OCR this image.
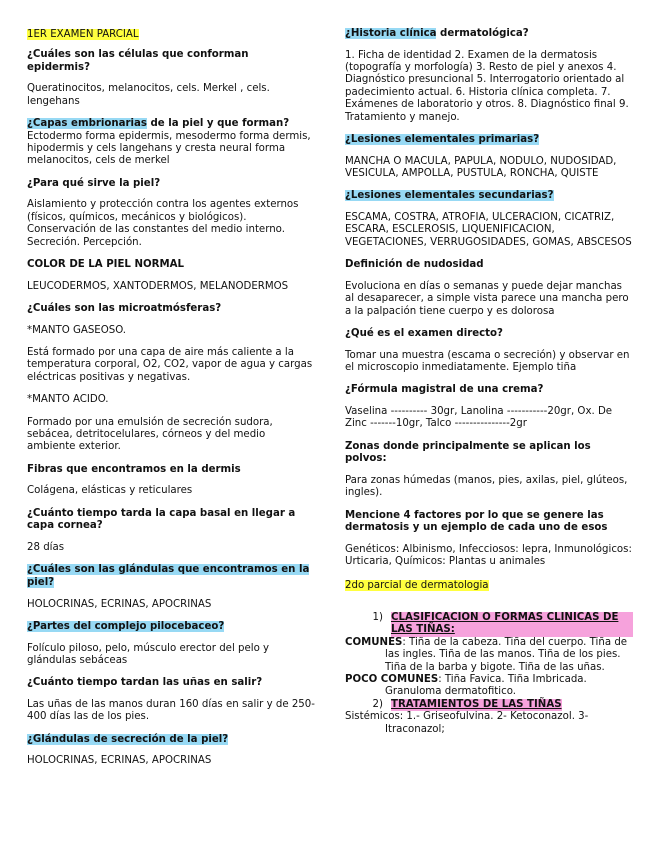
1ER EXAMEN PARCIAL

¿Cuáles son las células que conforman epidermis?

Queratinocitos, melanocitos, cels. Merkel , cels. lengehans

¿Capas embrionarias de la piel y que forman?

Ectodermo forma epidermis, mesodermo forma dermis, hipodermis y cels langehans y cresta neural forma melanocitos, cels de merkel

¿Para qué sirve la piel?

Aislamiento y protección contra los agentes externos (físicos, químicos, mecánicos y biológicos). Conservación de las constantes del medio interno. Secreción. Percepción.

COLOR DE LA PIEL NORMAL

LEUCODERMOS, XANTODERMOS, MELANODERMOS

¿Cuáles son las microatmósferas?

*MANTO GASEOSO.

Está formado por una capa de aire más caliente a la temperatura corporal, O2, CO2, vapor de agua y cargas eléctricas positivas y negativas.

*MANTO ACIDO.

Formado por una emulsión de secreción sudora, sebácea, detritocelulares, córneos y del medio ambiente exterior.

Fibras que encontramos en la dermis

Colágena, elásticas y reticulares

¿Cuánto tiempo tarda la capa basal en llegar a capa cornea?

28 días

¿Cuáles son las glándulas que encontramos en la piel?

HOLOCRINAS, ECRINAS, APOCRINAS

¿Partes del complejo pilocebaceo?

Folículo piloso, pelo, músculo erector del pelo y glándulas sebáceas

¿Cuánto tiempo tardan las uñas en salir?

Las uñas de las manos duran 160 días en salir y de 250-400 días las de los pies.

¿Glándulas de secreción de la piel?

HOLOCRINAS, ECRINAS, APOCRINAS

¿Historia clínica dermatológica?

1. Ficha de identidad 2. Examen de la dermatosis (topografía y morfología) 3. Resto de piel y anexos 4. Diagnóstico presuncional 5. Interrogatorio orientado al padecimiento actual. 6. Historia clínica completa. 7. Exámenes de laboratorio y otros. 8. Diagnóstico final 9. Tratamiento y manejo.

¿Lesiones elementales primarias?

MANCHA O MACULA, PAPULA, NODULO, NUDOSIDAD, VESICULA, AMPOLLA, PUSTULA, RONCHA, QUISTE

¿Lesiones elementales secundarias?

ESCAMA, COSTRA, ATROFIA, ULCERACION, CICATRIZ, ESCARA, ESCLEROSIS, LIQUENIFICACION, VEGETACIONES, VERRUGOSIDADES, GOMAS, ABSCESOS

Definición de nudosidad

Evoluciona en días o semanas y puede dejar manchas al desaparecer, a simple vista parece una mancha pero a la palpación tiene cuerpo y es dolorosa

¿Qué es el examen directo?

Tomar una muestra (escama o secreción) y observar en el microscopio inmediatamente. Ejemplo tiña

¿Fórmula magistral de una crema?

Vaselina ---------- 30gr, Lanolina -----------20gr, Ox. De Zinc -------10gr, Talco ---------------2gr

Zonas donde principalmente se aplican los polvos:

Para zonas húmedas (manos, pies, axilas, piel, glúteos, ingles).

Mencione 4 factores por lo que se genere las dermatosis y un ejemplo de cada uno de esos

Genéticos: Albinismo, Infecciosos: lepra, Inmunológicos: Urticaria, Químicos: Plantas u animales

2do parcial de dermatologia

1) CLASIFICACION O FORMAS CLINICAS DE LAS TIÑAS:

COMUNES: Tiña de la cabeza. Tiña del cuerpo. Tiña de las ingles. Tiña de las manos. Tiña de los pies. Tiña de la barba y bigote. Tiña de las uñas.

POCO COMUNES: Tiña Favica. Tiña Imbricada. Granuloma dermatofitico.

2) TRATAMIENTOS DE LAS TIÑAS

Sistémicos: 1.- Griseofulvina. 2- Ketoconazol. 3- Itraconazol;
